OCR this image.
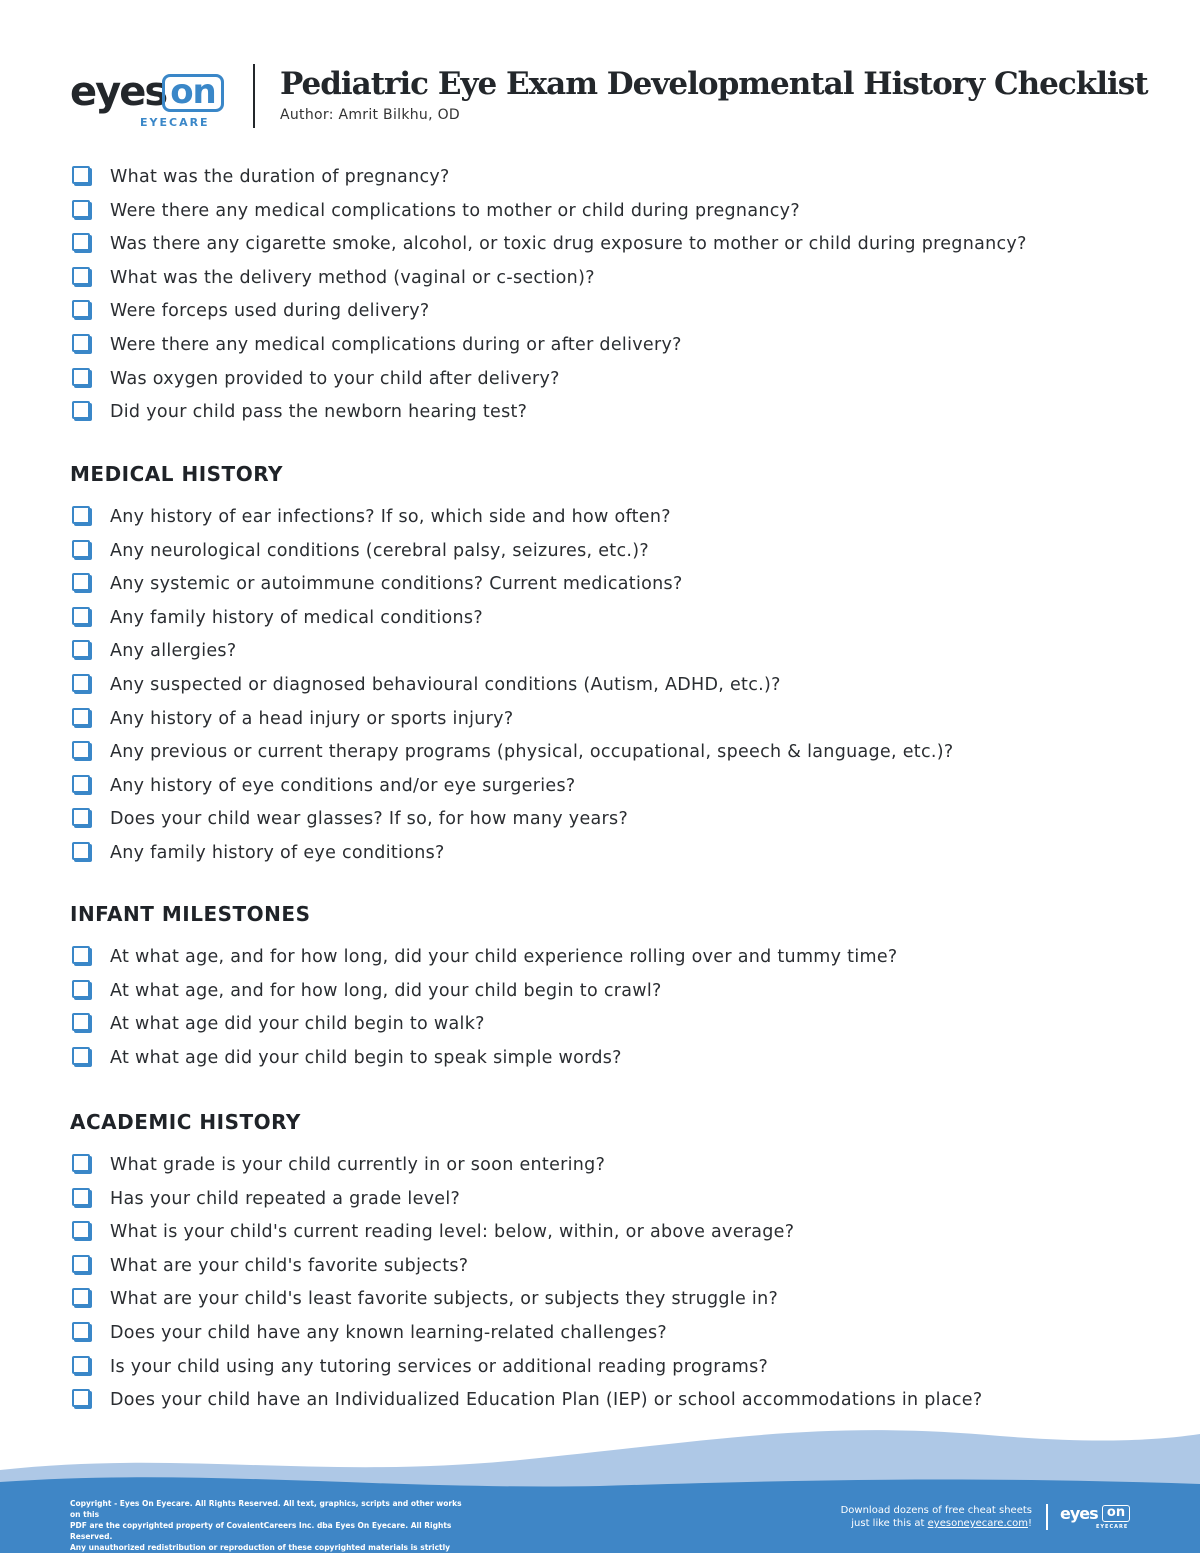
eyes on
EYECARE
Pediatric Eye Exam Developmental History Checklist
Author: Amrit Bilkhu, OD
What was the duration of pregnancy?
Were there any medical complications to mother or child during pregnancy?
Was there any cigarette smoke, alcohol, or toxic drug exposure to mother or child during pregnancy?
What was the delivery method (vaginal or c-section)?
Were forceps used during delivery?
Were there any medical complications during or after delivery?
Was oxygen provided to your child after delivery?
Did your child pass the newborn hearing test?
MEDICAL HISTORY
Any history of ear infections? If so, which side and how often?
Any neurological conditions (cerebral palsy, seizures, etc.)?
Any systemic or autoimmune conditions? Current medications?
Any family history of medical conditions?
Any allergies?
Any suspected or diagnosed behavioural conditions (Autism, ADHD, etc.)?
Any history of a head injury or sports injury?
Any previous or current therapy programs (physical, occupational, speech & language, etc.)?
Any history of eye conditions and/or eye surgeries?
Does your child wear glasses? If so, for how many years?
Any family history of eye conditions?
INFANT MILESTONES
At what age, and for how long, did your child experience rolling over and tummy time?
At what age, and for how long, did your child begin to crawl?
At what age did your child begin to walk?
At what age did your child begin to speak simple words?
ACADEMIC HISTORY
What grade is your child currently in or soon entering?
Has your child repeated a grade level?
What is your child's current reading level: below, within, or above average?
What are your child's favorite subjects?
What are your child's least favorite subjects, or subjects they struggle in?
Does your child have any known learning-related challenges?
Is your child using any tutoring services or additional reading programs?
Does your child have an Individualized Education Plan (IEP) or school accommodations in place?
Copyright - Eyes On Eyecare. All Rights Reserved. All text, graphics, scripts and other works on this
PDF are the copyrighted property of CovalentCareers Inc. dba Eyes On Eyecare. All Rights Reserved.
Any unauthorized redistribution or reproduction of these copyrighted materials is strictly prohibited.
Download dozens of free cheat sheets
just like this at eyesoneyecare.com!
eyes on
EYECARE
